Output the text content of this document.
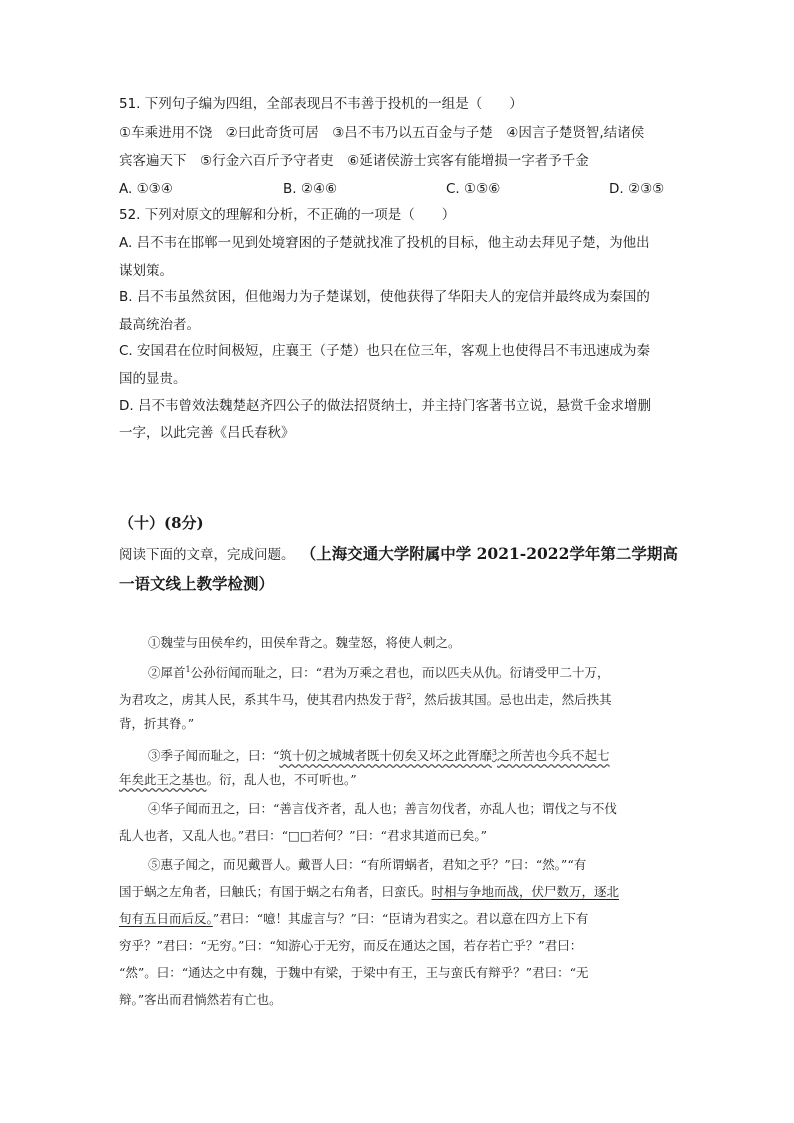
51. 下列句子编为四组，全部表现吕不韦善于投机的一组是（　　）
①车乘进用不饶　②曰此奇货可居　③吕不韦乃以五百金与子楚　④因言子楚贤智,结诸侯
宾客遍天下　⑤行金六百斤予守者吏　⑥延诸侯游士宾客有能增损一字者予千金
A. ①③④	B. ②④⑥	C. ①⑤⑥	D. ②③⑤
52. 下列对原文的理解和分析，不正确的一项是（　　）
A. 吕不韦在邯郸一见到处境窘困的子楚就找准了投机的目标，他主动去拜见子楚，为他出
谋划策。
B. 吕不韦虽然贫困，但他竭力为子楚谋划，使他获得了华阳夫人的宠信并最终成为秦国的
最高统治者。
C. 安国君在位时间极短，庄襄王（子楚）也只在位三年，客观上也使得吕不韦迅速成为秦
国的显贵。
D. 吕不韦曾效法魏楚赵齐四公子的做法招贤纳士，并主持门客著书立说，悬赏千金求增删
一字，以此完善《吕氏春秋》
（十）(8分)
阅读下面的文章，完成问题。 （上海交通大学附属中学 2021-2022学年第二学期高
一语文线上教学检测）
①魏莹与田侯牟约，田侯牟背之。魏莹怒，将使人刺之。
②犀首$^1$公孙衍闻而耻之，曰：“君为万乘之君也，而以匹夫从仇。衍请受甲二十万，
为君攻之，虏其人民，系其牛马，使其君内热发于背$^2$，然后拔其国。忌也出走，然后抶其
背，折其脊。”
③季子闻而耻之，曰：“筑十仞之城城者既十仞矣又坏之此胥靡$^3$之所苦也今兵不起七
年矣此王之基也。衍，乱人也，不可听也。”
④华子闻而丑之，曰：“善言伐齐者，乱人也；善言勿伐者，亦乱人也；谓伐之与不伐
乱人也者，又乱人也。”君曰：“□□若何？”曰：“君求其道而已矣。”
⑤惠子闻之，而见戴晋人。戴晋人曰：“有所谓蜗者，君知之乎？”曰：“然。”“有
国于蜗之左角者，曰触氏；有国于蜗之右角者，曰蛮氏。时相与争地而战，伏尸数万，逐北
旬有五日而后反。”君曰：“噫！其虚言与？”曰：“臣请为君实之。君以意在四方上下有
穷乎？”君曰：“无穷。”曰：“知游心于无穷，而反在通达之国，若存若亡乎？”君曰：
“然”。曰：“通达之中有魏，于魏中有梁，于梁中有王，王与蛮氏有辩乎？”君曰：“无
辩。”客出而君惝然若有亡也。
